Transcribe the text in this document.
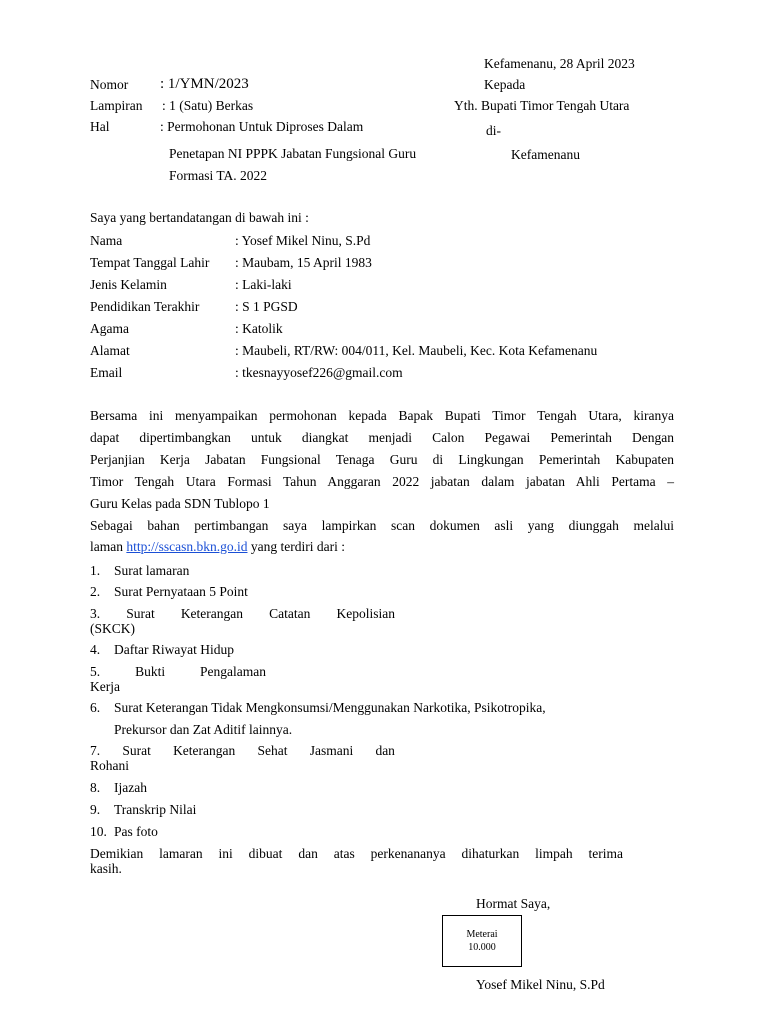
Kefamenanu, 28 April 2023
Kepada
Yth. Bupati Timor Tengah Utara
di-
Kefamenanu
Nomor : 1/YMN/2023
Lampiran : 1 (Satu) Berkas
Hal	: Permohonan Untuk Diproses Dalam
Penetapan NI PPPK Jabatan Fungsional Guru
Formasi TA. 2022
Saya yang bertandatangan di bawah ini :
Nama	: Yosef Mikel Ninu, S.Pd
Tempat Tanggal Lahir : Maubam, 15 April 1983
Jenis Kelamin	: Laki-laki
Pendidikan Terakhir	: S 1 PGSD
Agama	: Katolik
Alamat	: Maubeli, RT/RW: 004/011, Kel. Maubeli, Kec. Kota Kefamenanu
Email	: tkesnayyosef226@gmail.com
Bersama ini menyampaikan permohonan kepada Bapak Bupati Timor Tengah Utara, kiranya
dapat dipertimbangkan untuk diangkat menjadi Calon Pegawai Pemerintah Dengan
Perjanjian Kerja Jabatan Fungsional Tenaga Guru di Lingkungan Pemerintah Kabupaten
Timor Tengah Utara Formasi Tahun Anggaran 2022 jabatan dalam jabatan Ahli Pertama –
Guru Kelas pada SDN Tublopo 1
Sebagai bahan pertimbangan saya lampirkan scan dokumen asli yang diunggah melalui
laman http://sscasn.bkn.go.id yang terdiri dari :
1. Surat lamaran
2. Surat Pernyataan 5 Point
3. Surat Keterangan Catatan Kepolisian
(SKCK)
4. Daftar Riwayat Hidup
5.	Bukti	Pengalaman
Kerja
6. Surat Keterangan Tidak Mengkonsumsi/Menggunakan Narkotika, Psikotropika,
Prekursor dan Zat Aditif lainnya.
7. Surat Keterangan Sehat Jasmani dan
Rohani
8. Ijazah
9. Transkrip Nilai
10. Pas foto
Demikian lamaran ini dibuat dan atas perkenananya dihaturkan limpah terima
kasih.
Hormat Saya,
Meterai
10.000
Yosef Mikel Ninu, S.Pd
